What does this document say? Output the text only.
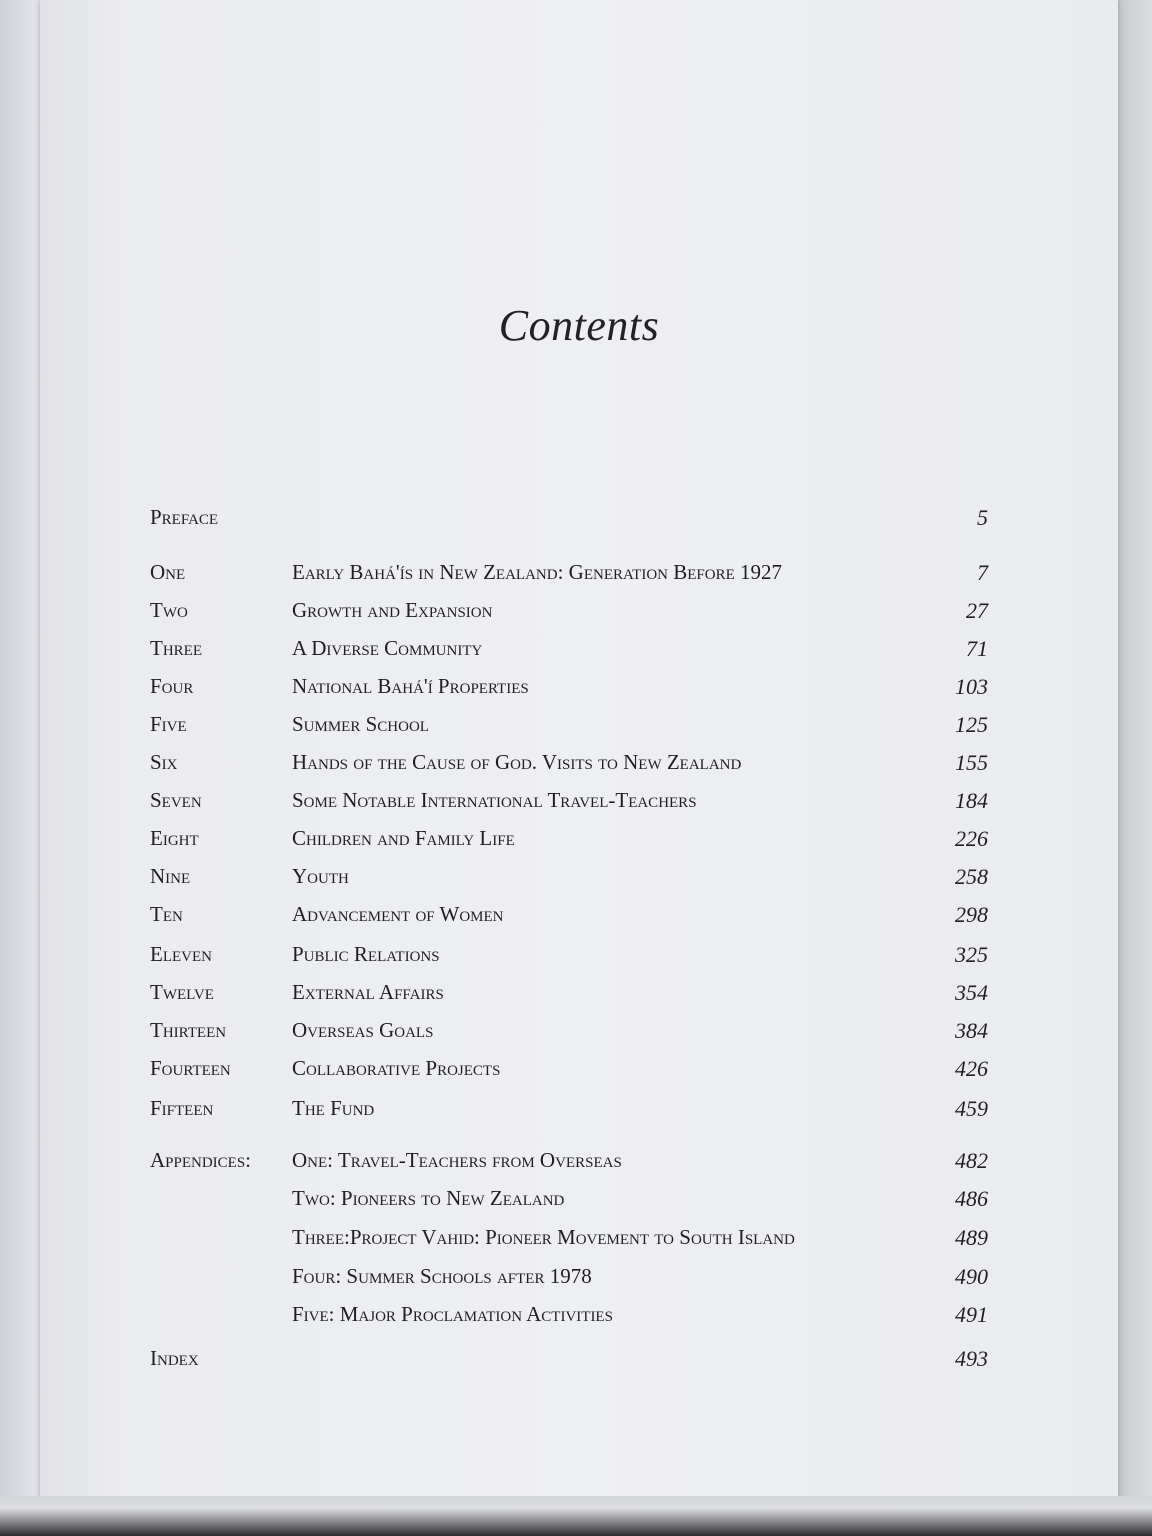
Contents
Preface	5
One	Early Bahá'ís in New Zealand: Generation Before 1927	7
Two	Growth and Expansion	27
Three	A Diverse Community	71
Four	National Bahá'í Properties	103
Five	Summer School	125
Six	Hands of the Cause of God. Visits to New Zealand	155
Seven	Some Notable International Travel-Teachers	184
Eight	Children and Family Life	226
Nine	Youth	258
Ten	Advancement of Women	298
Eleven	Public Relations	325
Twelve	External Affairs	354
Thirteen	Overseas Goals	384
Fourteen	Collaborative Projects	426
Fifteen	The Fund	459
Appendices: One: Travel-Teachers from Overseas	482
Two: Pioneers to New Zealand	486
Three:Project Vahid: Pioneer Movement to South Island	489
Four: Summer Schools after 1978	490
Five: Major Proclamation Activities	491
Index	493
